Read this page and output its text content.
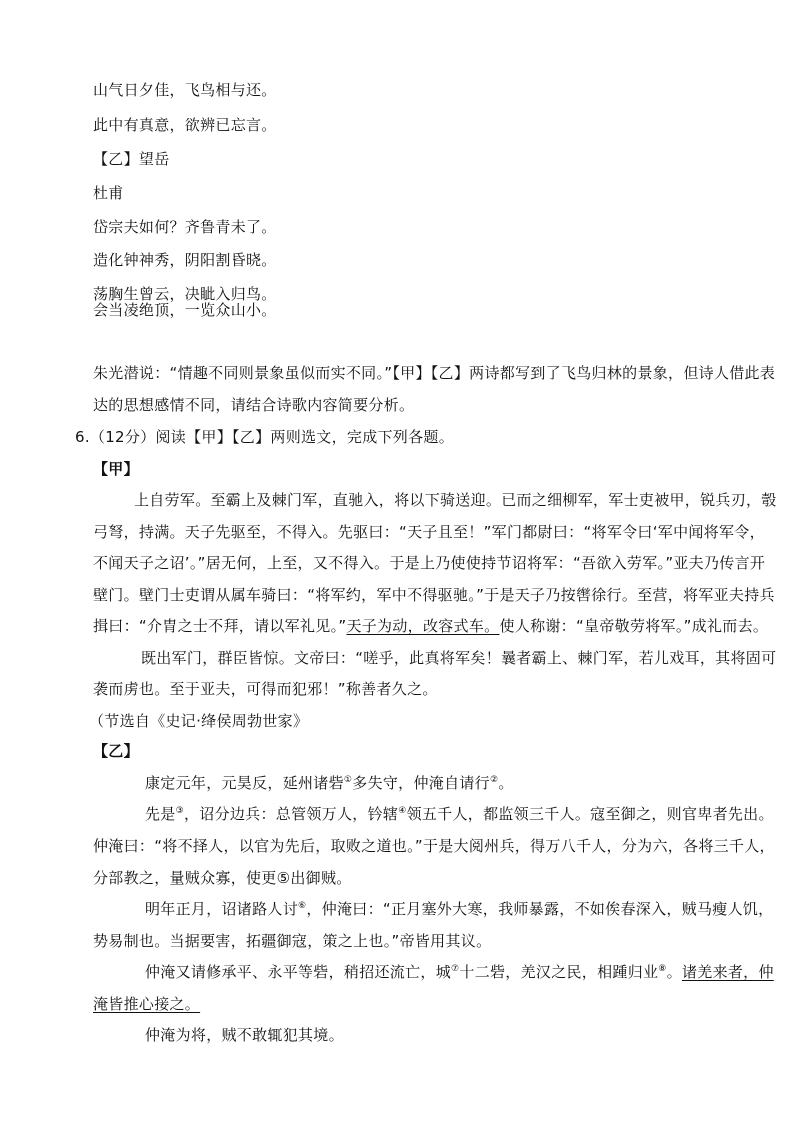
山气日夕佳，飞鸟相与还。
此中有真意，欲辨已忘言。
【乙】望岳
杜甫
岱宗夫如何？齐鲁青未了。
造化钟神秀，阴阳割昏晓。
荡胸生曾云，决眦入归鸟。
会当凌绝顶，一览众山小。
朱光潜说：“情趣不同则景象虽似而实不同。”【甲】【乙】两诗都写到了飞鸟归林的景象，但诗人借此表
达的思想感情不同，请结合诗歌内容简要分析。
6.（12分）阅读【甲】【乙】两则选文，完成下列各题。
【甲】
上自劳军。至霸上及棘门军，直驰入，将以下骑送迎。已而之细柳军，军士吏被甲，锐兵刃，彀
弓弩，持满。天子先驱至，不得入。先驱曰：“天子且至！”军门都尉曰：“将军令曰‘军中闻将军令，
不闻天子之诏’。”居无何，上至，又不得入。于是上乃使使持节诏将军：“吾欲入劳军。”亚夫乃传言开
壁门。壁门士吏谓从属车骑曰：“将军约，军中不得驱驰。”于是天子乃按辔徐行。至营，将军亚夫持兵
揖曰：“介胄之士不拜，请以军礼见。”天子为动，改容式车。使人称谢：“皇帝敬劳将军。”成礼而去。
既出军门，群臣皆惊。文帝曰：“嗟乎，此真将军矣！曩者霸上、棘门军，若儿戏耳，其将固可
袭而虏也。至于亚夫，可得而犯邪！”称善者久之。
（节选自《史记·绛侯周勃世家》
【乙】
康定元年，元昊反，延州诸砦①多失守，仲淹自请行②。
先是③，诏分边兵：总管领万人，钤辖④领五千人，都监领三千人。寇至御之，则官卑者先出。
仲淹曰：“将不择人，以官为先后，取败之道也。”于是大阅州兵，得万八千人，分为六，各将三千人，
分部教之，量贼众寡，使更⑤出御贼。
明年正月，诏诸路人讨⑥，仲淹曰：“正月塞外大寒，我师暴露，不如俟春深入，贼马瘦人饥，
势易制也。当据要害，拓疆御寇，策之上也。”帝皆用其议。
仲淹又请修承平、永平等砦，稍招还流亡，城⑦十二砦，羌汉之民，相踵归业⑧。诸羌来者，仲
淹皆推心接之。
仲淹为将，贼不敢辄犯其境。
